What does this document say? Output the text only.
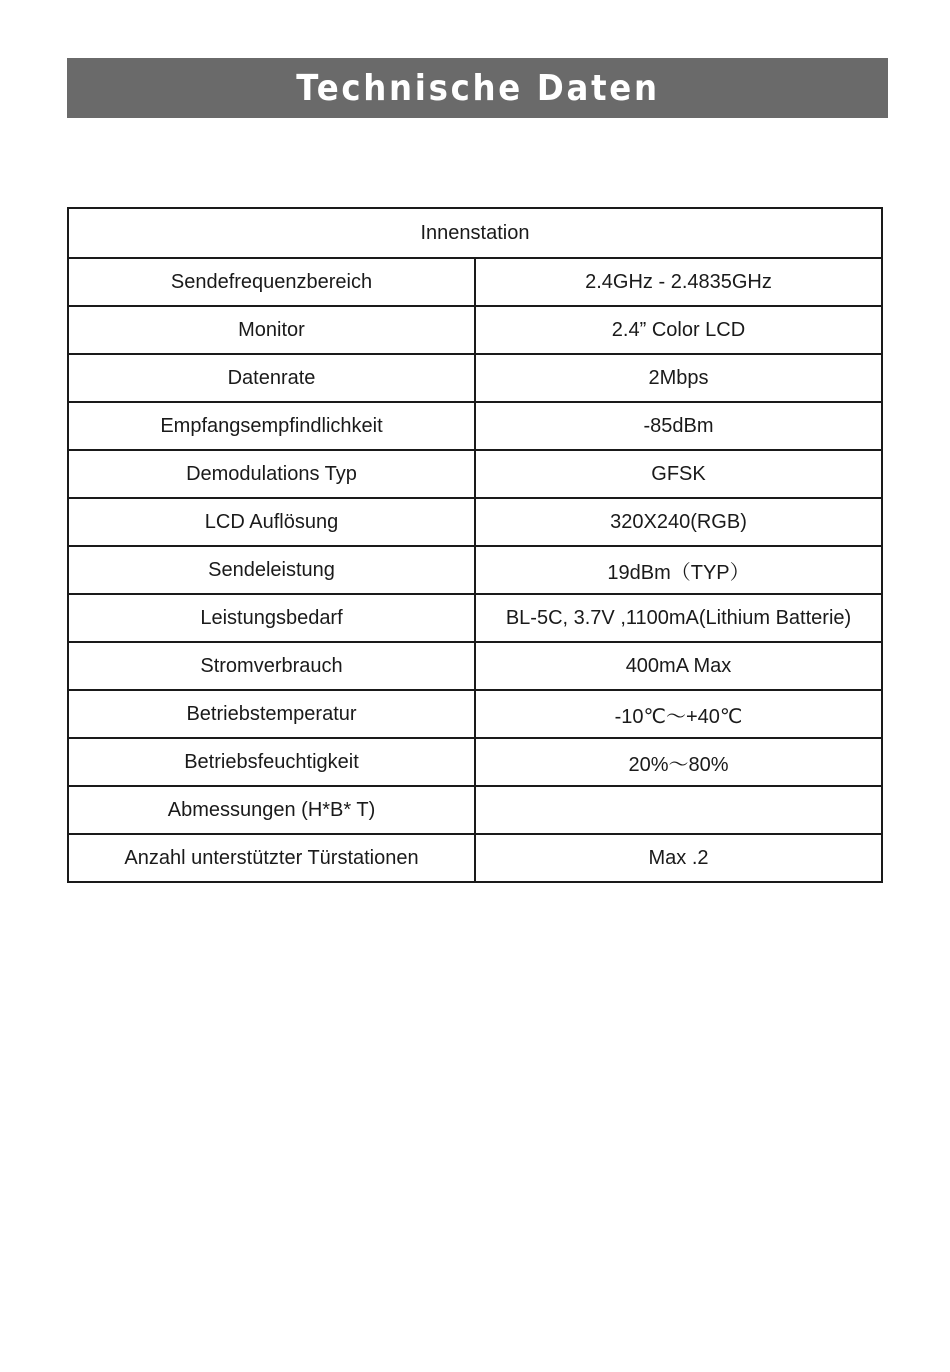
Technische Daten
Innenstation	
Sendefrequenzbereich	2.4GHz - 2.4835GHz
Monitor	2.4” Color LCD
Datenrate	2Mbps
Empfangsempfindlichkeit	-85dBm
Demodulations Typ	GFSK
LCD Auflösung	320X240(RGB)
Sendeleistung	19dBm（TYP）
Leistungsbedarf	BL-5C, 3.7V ,1100mA(Lithium Batterie)
Stromverbrauch	400mA Max
Betriebstemperatur	-10℃～+40℃
Betriebsfeuchtigkeit	20%～80%
Abmessungen (H*B* T)	
Anzahl unterstützter Türstationen	Max .2
